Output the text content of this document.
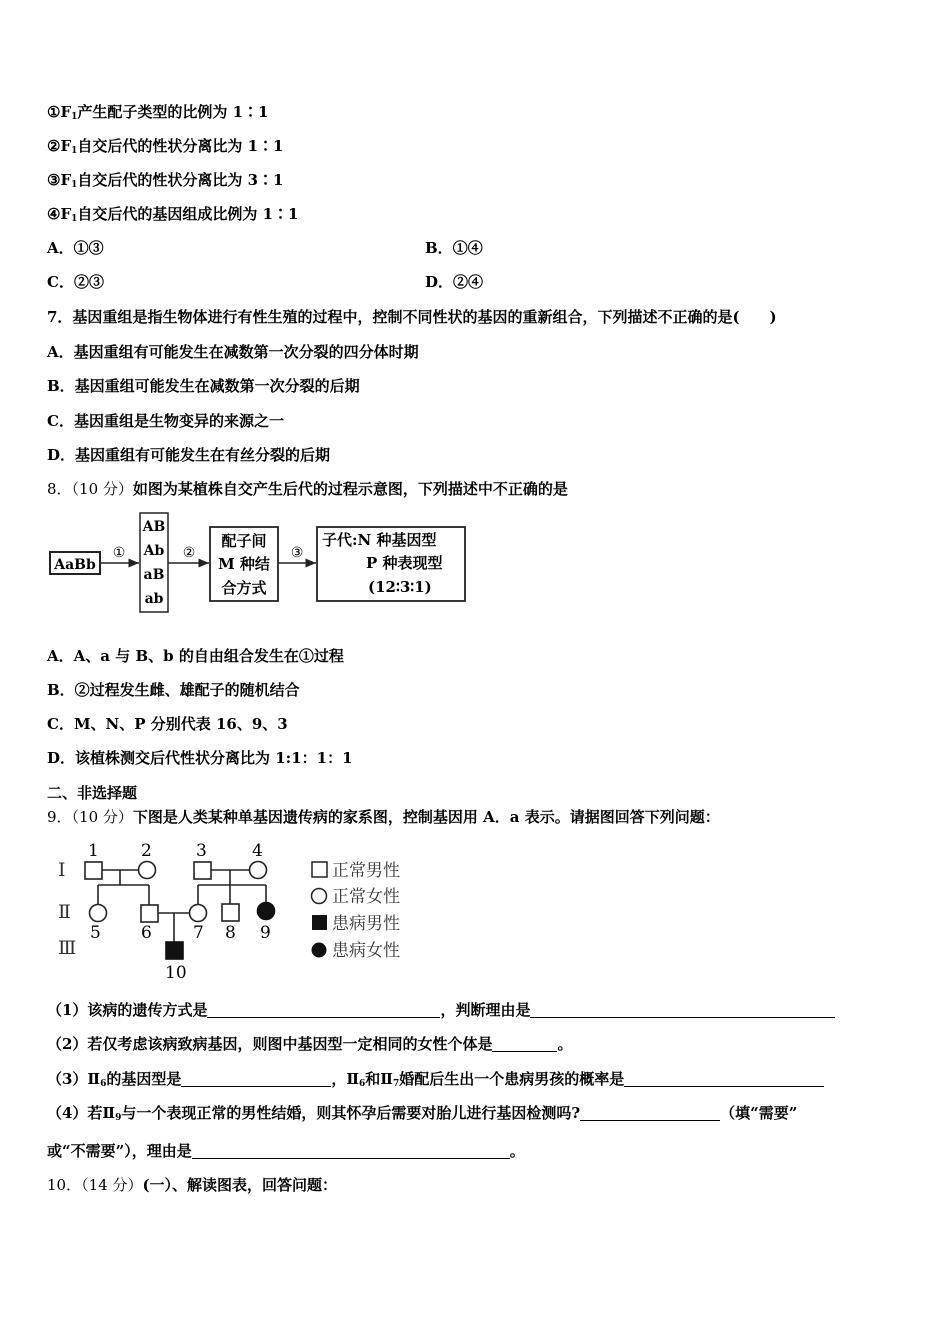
$①F_1$产生配子类型的比例为 1∶1
$②F_1$自交后代的性状分离比为 1∶1
$③F_1$自交后代的性状分离比为 3∶1
$④F_1$自交后代的基因组成比例为 1∶1
A．①③	B．①④
C．②③	D．②④
7．基因重组是指生物体进行有性生殖的过程中，控制不同性状的基因的重新组合，下列描述不正确的是(　　)
A．基因重组有可能发生在减数第一次分裂的四分体时期
B．基因重组可能发生在减数第一次分裂的后期
C．基因重组是生物变异的来源之一
D．基因重组有可能发生在有丝分裂的后期
8．（10 分）如图为某植株自交产生后代的过程示意图，下列描述中不正确的是
AaBb
①
AB
Ab
aB
ab
②
配子间
M 种结
合方式
③
子代:N 种基因型
P 种表现型
(12∶3∶1)
A．A、a 与 B、b 的自由组合发生在①过程
B．②过程发生雌、雄配子的随机结合
C．M、N、P 分别代表 16、9、3
D．该植株测交后代性状分离比为 1:1：1：1
二、非选择题
9．（10 分）下图是人类某种单基因遗传病的家系图，控制基因用 A．a 表示。请据图回答下列问题：
Ⅰ
Ⅱ
Ⅲ
1 2	3	4
5 6 7 8 9
10
正常男性
正常女性
患病男性
患病女性
（1）该病的遗传方式是	，判断理由是
（2）若仅考虑该病致病基因，则图中基因型一定相同的女性个体是	。
$(3)Ⅱ_6$的基因型是	，$Ⅱ_6$和$Ⅱ_7$婚配后生出一个患病男孩的概率是
（4）若$Ⅱ_9$与一个表现正常的男性结婚，则其怀孕后需要对胎儿进行基因检测吗?	（填“需要”
或“不需要”），理由是	。
10．（14 分）(一）、解读图表，回答问题：
